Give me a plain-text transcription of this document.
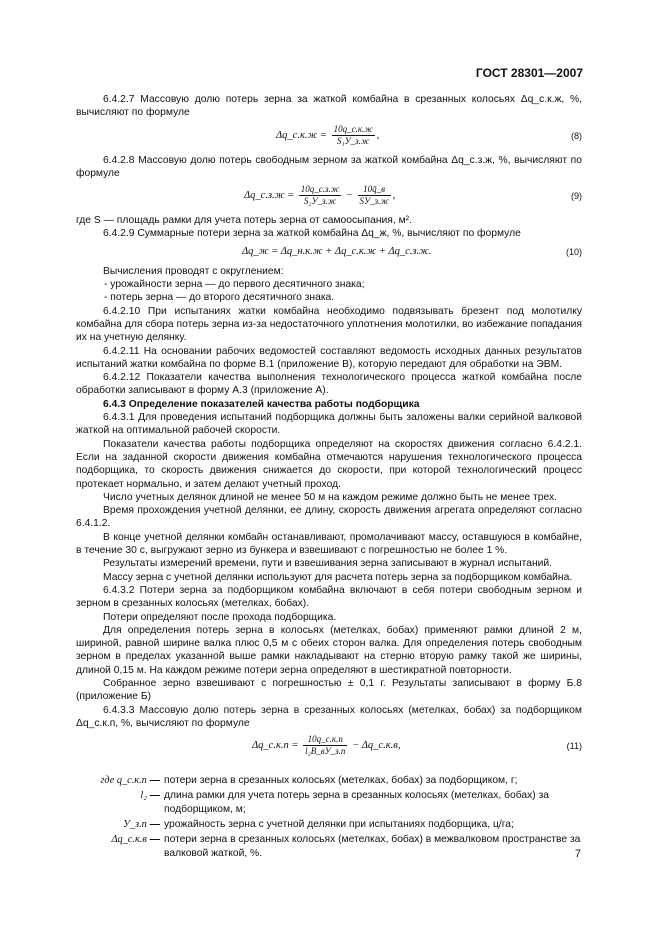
ГОСТ 28301—2007

6.4.2.7 Массовую долю потерь зерна за жаткой комбайна в срезанных колосьях Δq_с.к.ж, %, вычисляют по формуле

Δq_с.к.ж = $\frac{10q\_с.к.ж}{\text{S₁У\_з.ж}}$ ,	(8)

6.4.2.8 Массовую долю потерь свободным зерном за жаткой комбайна Δq_с.з.ж, %, вычисляют по формуле

Δq_с.з.ж = $\frac{10q\_с.з.ж}{\text{S₂У\_з.ж}} - \frac{10q̄\_в}{SУ\_з.ж}$ ,	(9)

где S — площадь рамки для учета потерь зерна от самоосыпания, м².

6.4.2.9 Суммарные потери зерна за жаткой комбайна Δq_ж, %, вычисляют по формуле

Δq_ж = Δq_н.к.ж + Δq_с.к.ж + Δq_с.з.ж.	(10)

Вычисления проводят с округлением:

- урожайности зерна — до первого десятичного знака;

- потерь зерна — до второго десятичного знака.

6.4.2.10 При испытаниях жатки комбайна необходимо подвязывать брезент под молотилку комбайна для сбора потерь зерна из-за недостаточного уплотнения молотилки, во избежание попадания их на учетную делянку.

6.4.2.11 На основании рабочих ведомостей составляют ведомость исходных данных результатов испытаний жатки комбайна по форме В.1 (приложение В), которую передают для обработки на ЭВМ.

6.4.2.12 Показатели качества выполнения технологического процесса жаткой комбайна после обработки записывают в форму А.3 (приложение А).

6.4.3 Определение показателей качества работы подборщика

6.4.3.1 Для проведения испытаний подборщика должны быть заложены валки серийной валковой жаткой на оптимальной рабочей скорости.

Показатели качества работы подборщика определяют на скоростях движения согласно 6.4.2.1. Если на заданной скорости движения комбайна отмечаются нарушения технологического процесса подборщика, то скорость движения снижается до скорости, при которой технологический процесс протекает нормально, и затем делают учетный проход.

Число учетных делянок длиной не менее 50 м на каждом режиме должно быть не менее трех.

Время прохождения учетной делянки, ее длину, скорость движения агрегата определяют согласно 6.4.1.2.

В конце учетной делянки комбайн останавливают, промолачивают массу, оставшуюся в комбайне, в течение 30 с, выгружают зерно из бункера и взвешивают с погрешностью не более 1 %.

Результаты измерений времени, пути и взвешивания зерна записывают в журнал испытаний.

Массу зерна с учетной делянки используют для расчета потерь зерна за подборщиком комбайна.

6.4.3.2 Потери зерна за подборщиком комбайна включают в себя потери свободным зерном и зерном в срезанных колосьях (метелках, бобах).

Потери определяют после прохода подборщика.

Для определения потерь зерна в колосьях (метелках, бобах) применяют рамки длиной 2 м, шириной, равной ширине валка плюс 0,5 м с обеих сторон валка. Для определения потерь свободным зерном в пределах указанной выше рамки накладывают на стерню вторую рамку такой же ширины, длиной 0,15 м. На каждом режиме потери зерна определяют в шестикратной повторности.

Собранное зерно взвешивают с погрешностью ± 0,1 г. Результаты записывают в форму Б.8 (приложение Б)

6.4.3.3 Массовую долю потерь зерна в срезанных колосьях (метелках, бобах) за подборщиком Δq_с.к.п, %, вычисляют по формуле

Δq_с.к.п = $\frac{10q\_с.к.п}{\text{l₂B\_вУ\_з.п}}$ − Δq_с.к.в,	(11)
где q_с.к.п — потери зерна в срезанных колосьях (метелках, бобах) за подборщиком, г;
l₂ — длина рамки для учета потерь зерна в срезанных колосьях (метелках, бобах) за подборщиком, м;
У_з.п — урожайность зерна с учетной делянки при испытаниях подборщика, ц/га;
Δq_с.к.в — потери зерна в срезанных колосьях (метелках, бобах) в межвалковом пространстве за валковой жаткой, %.	7
